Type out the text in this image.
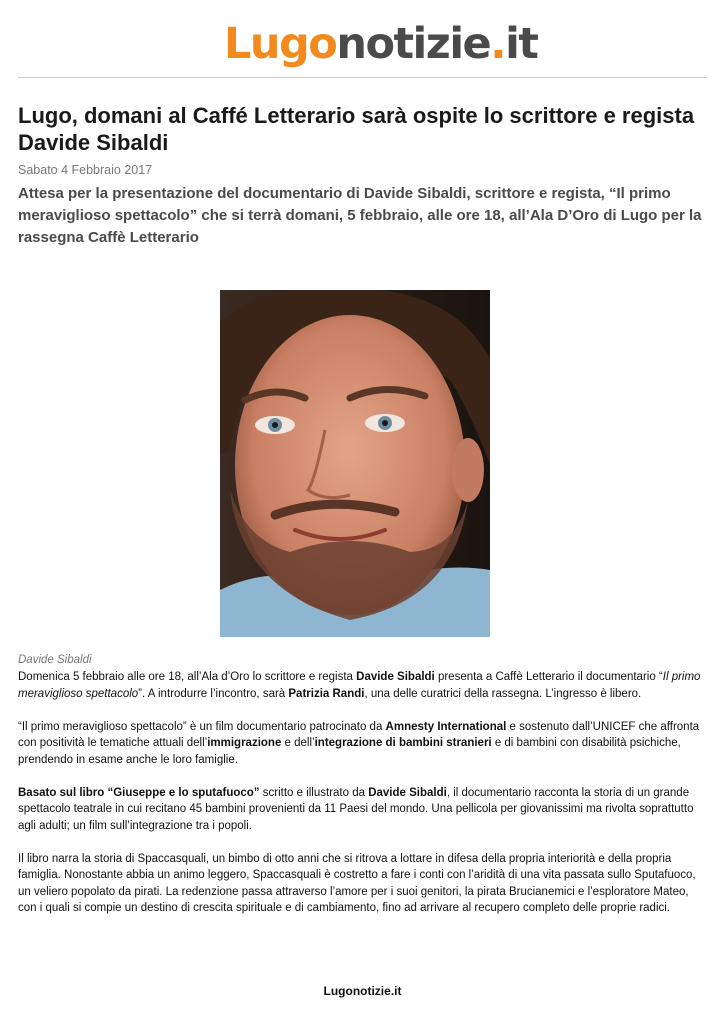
Lugonotizie.it
Lugo, domani al Caffé Letterario sarà ospite lo scrittore e regista Davide Sibaldi
Sabato 4 Febbraio 2017
Attesa per la presentazione del documentario di Davide Sibaldi, scrittore e regista, “Il primo meraviglioso spettacolo” che si terrà domani, 5 febbraio, alle ore 18, all’Ala D’Oro di Lugo per la rassegna Caffè Letterario
Davide Sibaldi

Domenica 5 febbraio alle ore 18, all’Ala d’Oro lo scrittore e regista Davide Sibaldi presenta a Caffè Letterario il documentario “Il primo meraviglioso spettacolo”. A introdurre l’incontro, sarà Patrizia Randi, una delle curatrici della rassegna. L’ingresso è libero.

“Il primo meraviglioso spettacolo” è un film documentario patrocinato da Amnesty International e sostenuto dall’UNICEF che affronta con positività le tematiche attuali dell’immigrazione e dell’integrazione di bambini stranieri e di bambini con disabilità psichiche, prendendo in esame anche le loro famiglie.

Basato sul libro “Giuseppe e lo sputafuoco” scritto e illustrato da Davide Sibaldi, il documentario racconta la storia di un grande spettacolo teatrale in cui recitano 45 bambini provenienti da 11 Paesi del mondo. Una pellicola per giovanissimi ma rivolta soprattutto agli adulti; un film sull’integrazione tra i popoli.

Il libro narra la storia di Spaccasquali, un bimbo di otto anni che si ritrova a lottare in difesa della propria interiorità e della propria famiglia. Nonostante abbia un animo leggero, Spaccasquali è costretto a fare i conti con l’aridità di una vita passata sullo Sputafuoco, un veliero popolato da pirati. La redenzione passa attraverso l’amore per i suoi genitori, la pirata Brucianemici e l’esploratore Mateo, con i quali si compie un destino di crescita spirituale e di cambiamento, fino ad arrivare al recupero completo delle proprie radici.

Lugonotizie.it
